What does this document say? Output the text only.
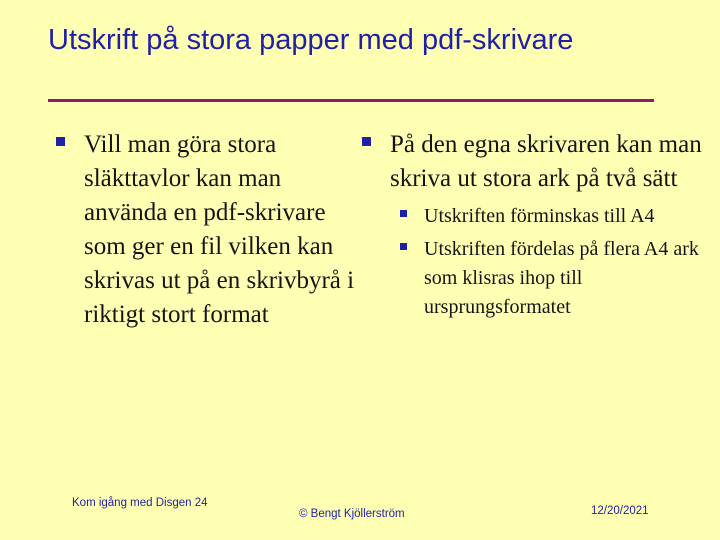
Utskrift på stora papper med pdf-skrivare
Vill man göra stora släkttavlor kan man använda en pdf-skrivare som ger en fil vilken kan skrivas ut på en skrivbyrå i riktigt stort format
På den egna skrivaren kan man skriva ut stora ark på två sätt
Utskriften förminskas till A4
Utskriften fördelas på flera A4 ark som klisras ihop till ursprungsformatet
Kom igång med Disgen 24
© Bengt Kjöllerström	12/20/2021
